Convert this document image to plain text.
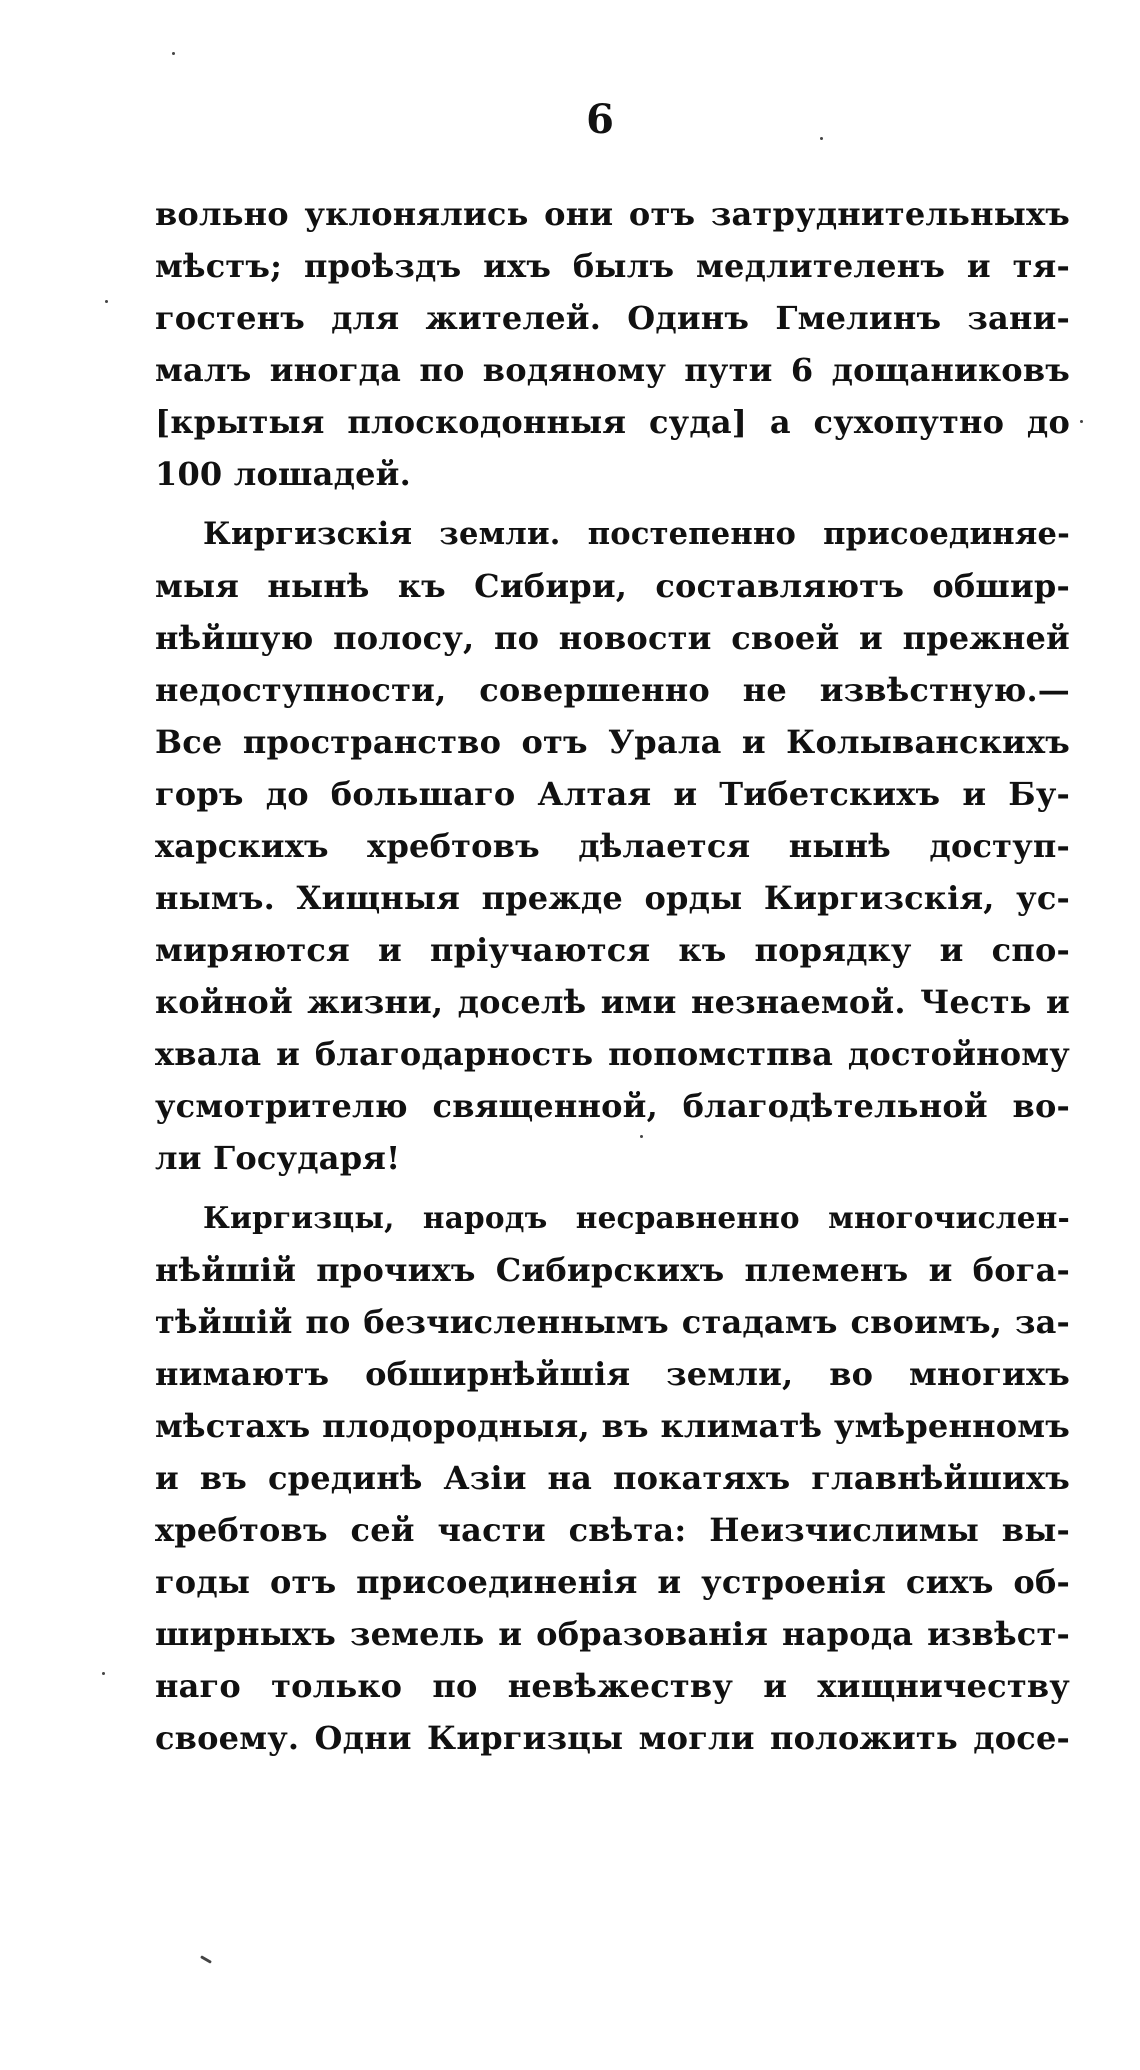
6
вольно уклонялись они отъ затруднительныхъ
мѣстъ; проѣздъ ихъ былъ медлителенъ и тя-
гостенъ для жителей. Одинъ Гмелинъ зани-
малъ иногда по водяному пути 6 дощаниковъ
[крытыя плоскодонныя суда] а сухопутно до
100 лошадей.
Киргизскія земли. постепенно присоединяе-
мыя нынѣ къ Сибири, составляютъ обшир-
нѣйшую полосу, по новости своей и прежней
недоступности, совершенно не извѣстную.—
Все пространство отъ Урала и Колыванскихъ
горъ до большаго Алтая и Тибетскихъ и Бу-
харскихъ хребтовъ дѣлается нынѣ доступ-
нымъ. Хищныя прежде орды Киргизскія, ус-
миряются и пріучаются къ порядку и спо-
койной жизни, доселѣ ими незнаемой. Честь и
хвала и благодарность попомстпва достойному
усмотрителю священной, благодѣтельной во-
ли Государя!
Киргизцы, народъ несравненно многочислен-
нѣйшій прочихъ Сибирскихъ племенъ и бога-
тѣйшій по безчисленнымъ стадамъ своимъ, за-
нимаютъ обширнѣйшія земли, во многихъ
мѣстахъ плодородныя, въ климатѣ умѣренномъ
и въ срединѣ Азіи на покатяхъ главнѣйшихъ
хребтовъ сей части свѣта: Неизчислимы вы-
годы отъ присоединенія и устроенія сихъ об-
ширныхъ земель и образованія народа извѣст-
наго только по невѣжеству и хищничеству
своему. Одни Киргизцы могли положить досе-
